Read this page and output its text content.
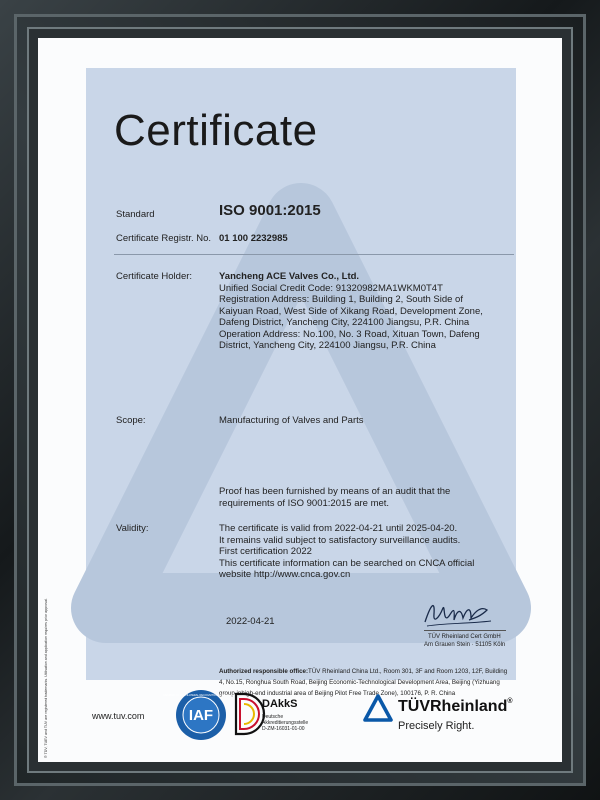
Certificate
Standard	ISO 9001:2015
Certificate Registr. No. 01 100 2232985
Certificate Holder:	Yancheng ACE Valves Co., Ltd.
Unified Social Credit Code: 91320982MA1WKM0T4T
Registration Address: Building 1, Building 2, South Side of
Kaiyuan Road, West Side of Xikang Road, Development Zone,
Dafeng District, Yancheng City, 224100 Jiangsu, P.R. China
Operation Address: No.100, No. 3 Road, Xituan Town, Dafeng
District, Yancheng City, 224100 Jiangsu, P.R. China
Scope:	Manufacturing of Valves and Parts
Proof has been furnished by means of an audit that the
requirements of ISO 9001:2015 are met.
Validity:	The certificate is valid from 2022-04-21 until 2025-04-20.
It remains valid subject to satisfactory surveillance audits.
First certification 2022
This certificate information can be searched on CNCA official
website http://www.cnca.gov.cn
2022-04-21
TÜV Rheinland Cert GmbH
Am Grauen Stein · 51105 Köln
Authorized responsible office:TÜV Rheinland China Ltd., Room 301, 3F and Room 1203, 12F, Building 4, No.15, Ronghua South Road, Beijing Economic-Technological Development Area, Beijing (Yizhuang group inhigh-end industrial area of Beijing Pilot Free Trade Zone), 100176, P. R. China
® TÜV, TUEV and TUV are registered trademarks. Utilisation and application requires prior approval.	www.tuv.com	IAF
MEMBER OF MULTILATERAL RECOGNITION ARRANGEMENT
DAkkS
Deutsche
Akkreditierungsstelle
D-ZM-16031-01-00
TÜVRheinland®
Precisely Right.
